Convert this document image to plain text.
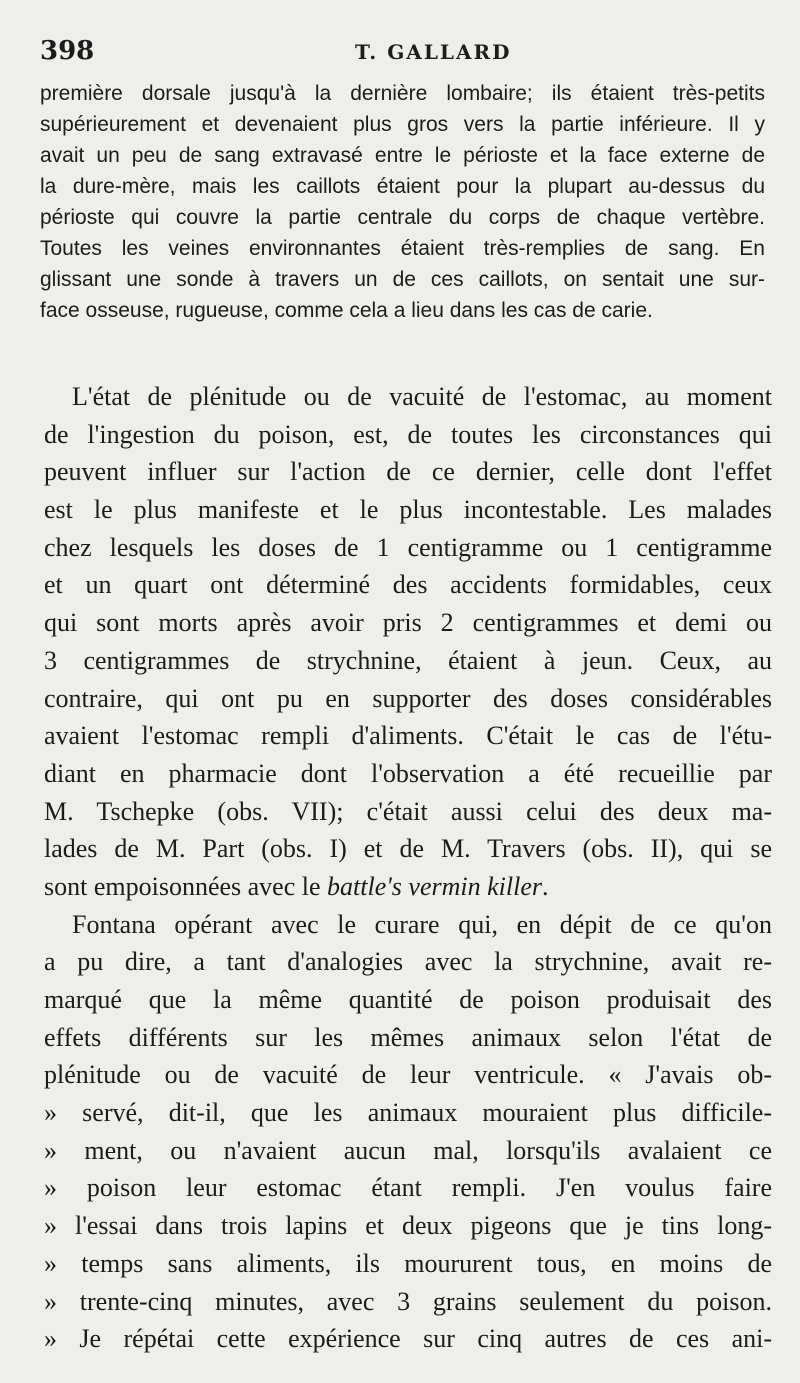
398	T. GALLARD
première dorsale jusqu'à la dernière lombaire; ils étaient très-petits
supérieurement et devenaient plus gros vers la partie inférieure. Il y
avait un peu de sang extravasé entre le périoste et la face externe de
la dure-mère, mais les caillots étaient pour la plupart au-dessus du
périoste qui couvre la partie centrale du corps de chaque vertèbre.
Toutes les veines environnantes étaient très-remplies de sang. En
glissant une sonde à travers un de ces caillots, on sentait une sur-
face osseuse, rugueuse, comme cela a lieu dans les cas de carie.
L'état de plénitude ou de vacuité de l'estomac, au moment
de l'ingestion du poison, est, de toutes les circonstances qui
peuvent influer sur l'action de ce dernier, celle dont l'effet
est le plus manifeste et le plus incontestable. Les malades
chez lesquels les doses de 1 centigramme ou 1 centigramme
et un quart ont déterminé des accidents formidables, ceux
qui sont morts après avoir pris 2 centigrammes et demi ou
3 centigrammes de strychnine, étaient à jeun. Ceux, au
contraire, qui ont pu en supporter des doses considérables
avaient l'estomac rempli d'aliments. C'était le cas de l'étu-
diant en pharmacie dont l'observation a été recueillie par
M. Tschepke (obs. VII); c'était aussi celui des deux ma-
lades de M. Part (obs. I) et de M. Travers (obs. II), qui se
sont empoisonnées avec le battle's vermin killer.
Fontana opérant avec le curare qui, en dépit de ce qu'on
a pu dire, a tant d'analogies avec la strychnine, avait re-
marqué que la même quantité de poison produisait des
effets différents sur les mêmes animaux selon l'état de
plénitude ou de vacuité de leur ventricule. « J'avais ob-
» servé, dit-il, que les animaux mouraient plus difficile-
» ment, ou n'avaient aucun mal, lorsqu'ils avalaient ce
» poison leur estomac étant rempli. J'en voulus faire
» l'essai dans trois lapins et deux pigeons que je tins long-
» temps sans aliments, ils moururent tous, en moins de
» trente-cinq minutes, avec 3 grains seulement du poison.
» Je répétai cette expérience sur cinq autres de ces ani-
